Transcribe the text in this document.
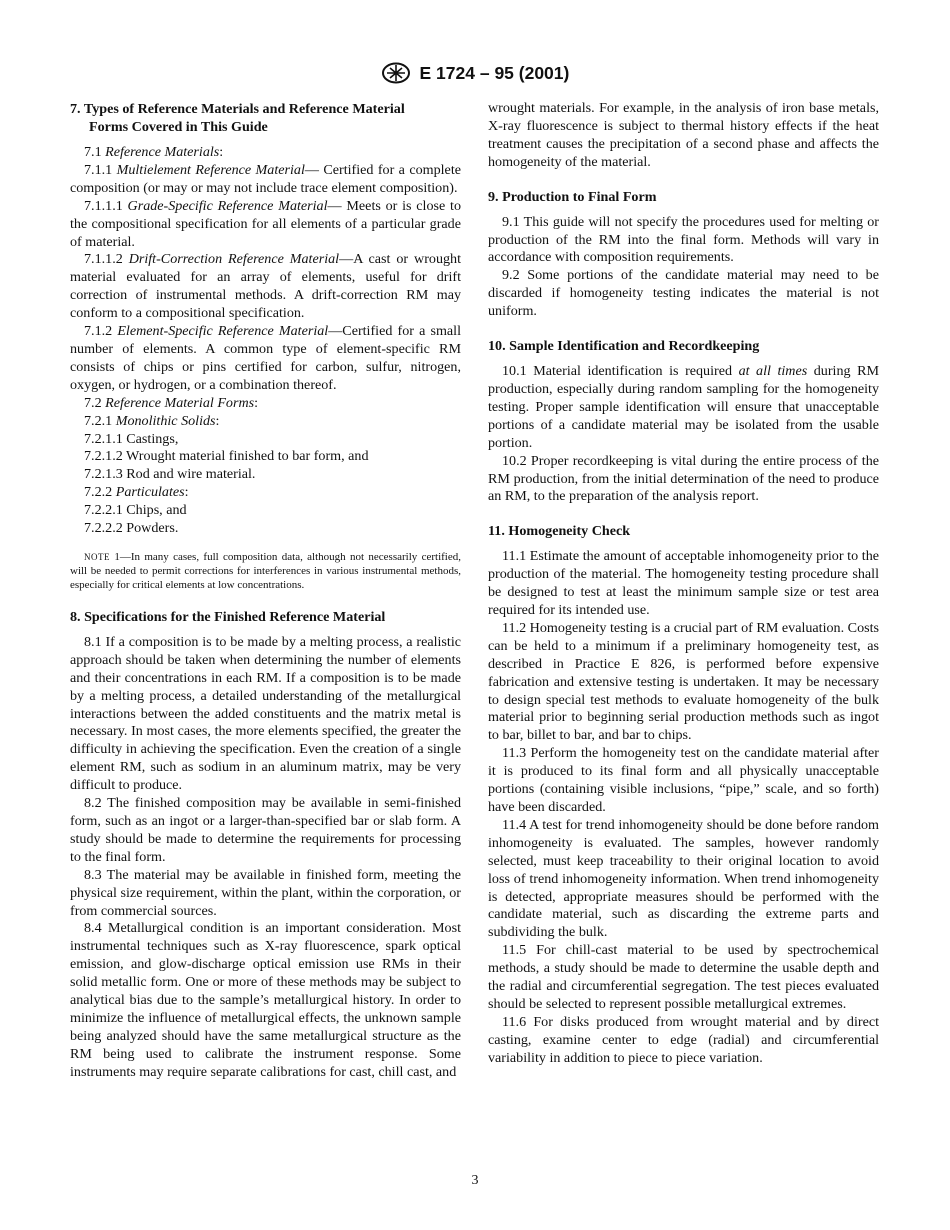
E 1724 – 95 (2001)
7. Types of Reference Materials and Reference Material
Forms Covered in This Guide

7.1 Reference Materials:

7.1.1 Multielement Reference Material— Certified for a complete composition (or may or may not include trace element composition).

7.1.1.1 Grade-Specific Reference Material— Meets or is close to the compositional specification for all elements of a particular grade of material.

7.1.1.2 Drift-Correction Reference Material—A cast or wrought material evaluated for an array of elements, useful for drift correction of instrumental methods. A drift-correction RM may conform to a compositional specification.

7.1.2 Element-Specific Reference Material—Certified for a small number of elements. A common type of element-specific RM consists of chips or pins certified for carbon, sulfur, nitrogen, oxygen, or hydrogen, or a combination thereof.

7.2 Reference Material Forms:

7.2.1 Monolithic Solids:

7.2.1.1 Castings,

7.2.1.2 Wrought material finished to bar form, and

7.2.1.3 Rod and wire material.

7.2.2 Particulates:

7.2.2.1 Chips, and

7.2.2.2 Powders.

NOTE 1—In many cases, full composition data, although not necessarily certified, will be needed to permit corrections for interferences in various instrumental methods, especially for critical elements at low concentrations.

8. Specifications for the Finished Reference Material

8.1 If a composition is to be made by a melting process, a realistic approach should be taken when determining the number of elements and their concentrations in each RM. If a composition is to be made by a melting process, a detailed understanding of the metallurgical interactions between the added constituents and the matrix metal is necessary. In most cases, the more elements specified, the greater the difficulty in achieving the specification. Even the creation of a single element RM, such as sodium in an aluminum matrix, may be very difficult to produce.

8.2 The finished composition may be available in semi-finished form, such as an ingot or a larger-than-specified bar or slab form. A study should be made to determine the requirements for processing to the final form.

8.3 The material may be available in finished form, meeting the physical size requirement, within the plant, within the corporation, or from commercial sources.

8.4 Metallurgical condition is an important consideration. Most instrumental techniques such as X-ray fluorescence, spark optical emission, and glow-discharge optical emission use RMs in their solid metallic form. One or more of these methods may be subject to analytical bias due to the sample’s metallurgical history. In order to minimize the influence of metallurgical effects, the unknown sample being analyzed should have the same metallurgical structure as the RM being used to calibrate the instrument response. Some instruments may require separate calibrations for cast, chill cast, and

wrought materials. For example, in the analysis of iron base metals, X-ray fluorescence is subject to thermal history effects if the heat treatment causes the precipitation of a second phase and affects the homogeneity of the material.

9. Production to Final Form

9.1 This guide will not specify the procedures used for melting or production of the RM into the final form. Methods will vary in accordance with composition requirements.

9.2 Some portions of the candidate material may need to be discarded if homogeneity testing indicates the material is not uniform.

10. Sample Identification and Recordkeeping

10.1 Material identification is required at all times during RM production, especially during random sampling for the homogeneity testing. Proper sample identification will ensure that unacceptable portions of a candidate material may be isolated from the usable portion.

10.2 Proper recordkeeping is vital during the entire process of the RM production, from the initial determination of the need to produce an RM, to the preparation of the analysis report.

11. Homogeneity Check

11.1 Estimate the amount of acceptable inhomogeneity prior to the production of the material. The homogeneity testing procedure shall be designed to test at least the minimum sample size or test area required for its intended use.

11.2 Homogeneity testing is a crucial part of RM evaluation. Costs can be held to a minimum if a preliminary homogeneity test, as described in Practice E 826, is performed before expensive fabrication and extensive testing is undertaken. It may be necessary to design special test methods to evaluate homogeneity of the bulk material prior to beginning serial production methods such as ingot to bar, billet to bar, and bar to chips.

11.3 Perform the homogeneity test on the candidate material after it is produced to its final form and all physically unacceptable portions (containing visible inclusions, “pipe,” scale, and so forth) have been discarded.

11.4 A test for trend inhomogeneity should be done before random inhomogeneity is evaluated. The samples, however randomly selected, must keep traceability to their original location to avoid loss of trend inhomogeneity information. When trend inhomogeneity is detected, appropriate measures should be performed with the candidate material, such as discarding the extreme parts and subdividing the bulk.

11.5 For chill-cast material to be used by spectrochemical methods, a study should be made to determine the usable depth and the radial and circumferential segregation. The test pieces evaluated should be selected to represent possible metallurgical extremes.

11.6 For disks produced from wrought material and by direct casting, examine center to edge (radial) and circumferential variability in addition to piece to piece variation.

3
